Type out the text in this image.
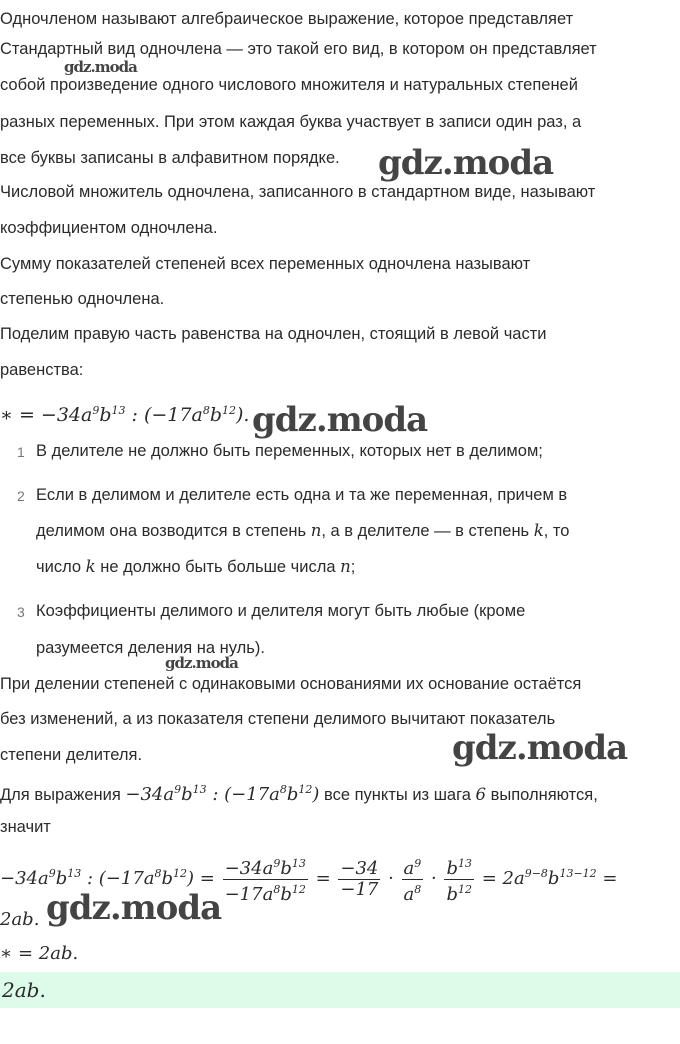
Одночленом называют алгебраическое выражение, которое представляет
Стандартный вид одночлена — это такой его вид, в котором он представляет
собой произведение одного числового множителя и натуральных степеней
разных переменных. При этом каждая буква участвует в записи один раз, а
все буквы записаны в алфавитном порядке.
Числовой множитель одночлена, записанного в стандартном виде, называют
коэффициентом одночлена.
Сумму показателей степеней всех переменных одночлена называют
степенью одночлена.
Поделим правую часть равенства на одночлен, стоящий в левой части
равенства:
∗ = $-34a^9b^{13}$ : $(-17a^8b^{12})$.
1 В делителе не должно быть переменных, которых нет в делимом;
2 Если в делимом и делителе есть одна и та же переменная, причем в
делимом она возводится в степень n, а в делителе — в степень k, то
число k не должно быть больше числа n;
3 Коэффициенты делимого и делителя могут быть любые (кроме
разумеется деления на нуль).
При делении степеней с одинаковыми основаниями их основание остаётся
без изменений, а из показателя степени делимого вычитают показатель
степени делителя.
Для выражения $-34a^9b^{13}$ : $(-17a^8b^{12})$ все пункты из шага 6 выполняются,
значит
$-34a^9b^{13}$ : $(-17a^8b^{12}) = \frac{-34a^9b^{13}}{-17a^8b^{12}} = \frac{-34}{-17} \cdot \frac{a^9}{a^8} \cdot \frac{b^{13}}{b^{12}} = 2a^{9-8}b^{13-12}$ =
2ab.
∗ = 2ab.
2ab.
gdz.moda
gdz.moda
gdz.moda
gdz.moda
gdz.moda
gdz.moda
